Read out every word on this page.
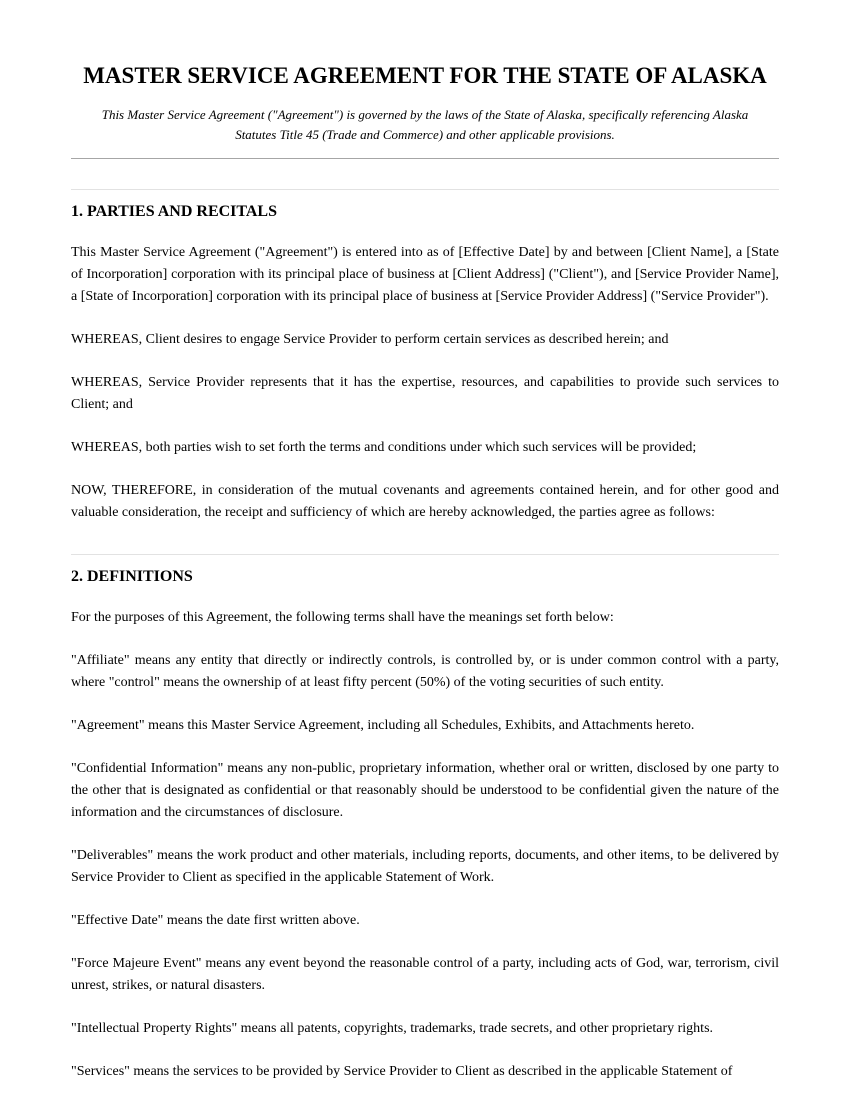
MASTER SERVICE AGREEMENT FOR THE STATE OF ALASKA

This Master Service Agreement ("Agreement") is governed by the laws of the State of Alaska, specifically referencing Alaska Statutes Title 45 (Trade and Commerce) and other applicable provisions.

1. PARTIES AND RECITALS

This Master Service Agreement ("Agreement") is entered into as of [Effective Date] by and between [Client Name], a [State of Incorporation] corporation with its principal place of business at [Client Address] ("Client"), and [Service Provider Name], a [State of Incorporation] corporation with its principal place of business at [Service Provider Address] ("Service Provider").

WHEREAS, Client desires to engage Service Provider to perform certain services as described herein; and

WHEREAS, Service Provider represents that it has the expertise, resources, and capabilities to provide such services to Client; and

WHEREAS, both parties wish to set forth the terms and conditions under which such services will be provided;

NOW, THEREFORE, in consideration of the mutual covenants and agreements contained herein, and for other good and valuable consideration, the receipt and sufficiency of which are hereby acknowledged, the parties agree as follows:

2. DEFINITIONS

For the purposes of this Agreement, the following terms shall have the meanings set forth below:

"Affiliate" means any entity that directly or indirectly controls, is controlled by, or is under common control with a party, where "control" means the ownership of at least fifty percent (50%) of the voting securities of such entity.

"Agreement" means this Master Service Agreement, including all Schedules, Exhibits, and Attachments hereto.

"Confidential Information" means any non-public, proprietary information, whether oral or written, disclosed by one party to the other that is designated as confidential or that reasonably should be understood to be confidential given the nature of the information and the circumstances of disclosure.

"Deliverables" means the work product and other materials, including reports, documents, and other items, to be delivered by Service Provider to Client as specified in the applicable Statement of Work.

"Effective Date" means the date first written above.

"Force Majeure Event" means any event beyond the reasonable control of a party, including acts of God, war, terrorism, civil unrest, strikes, or natural disasters.

"Intellectual Property Rights" means all patents, copyrights, trademarks, trade secrets, and other proprietary rights.

"Services" means the services to be provided by Service Provider to Client as described in the applicable Statement of
